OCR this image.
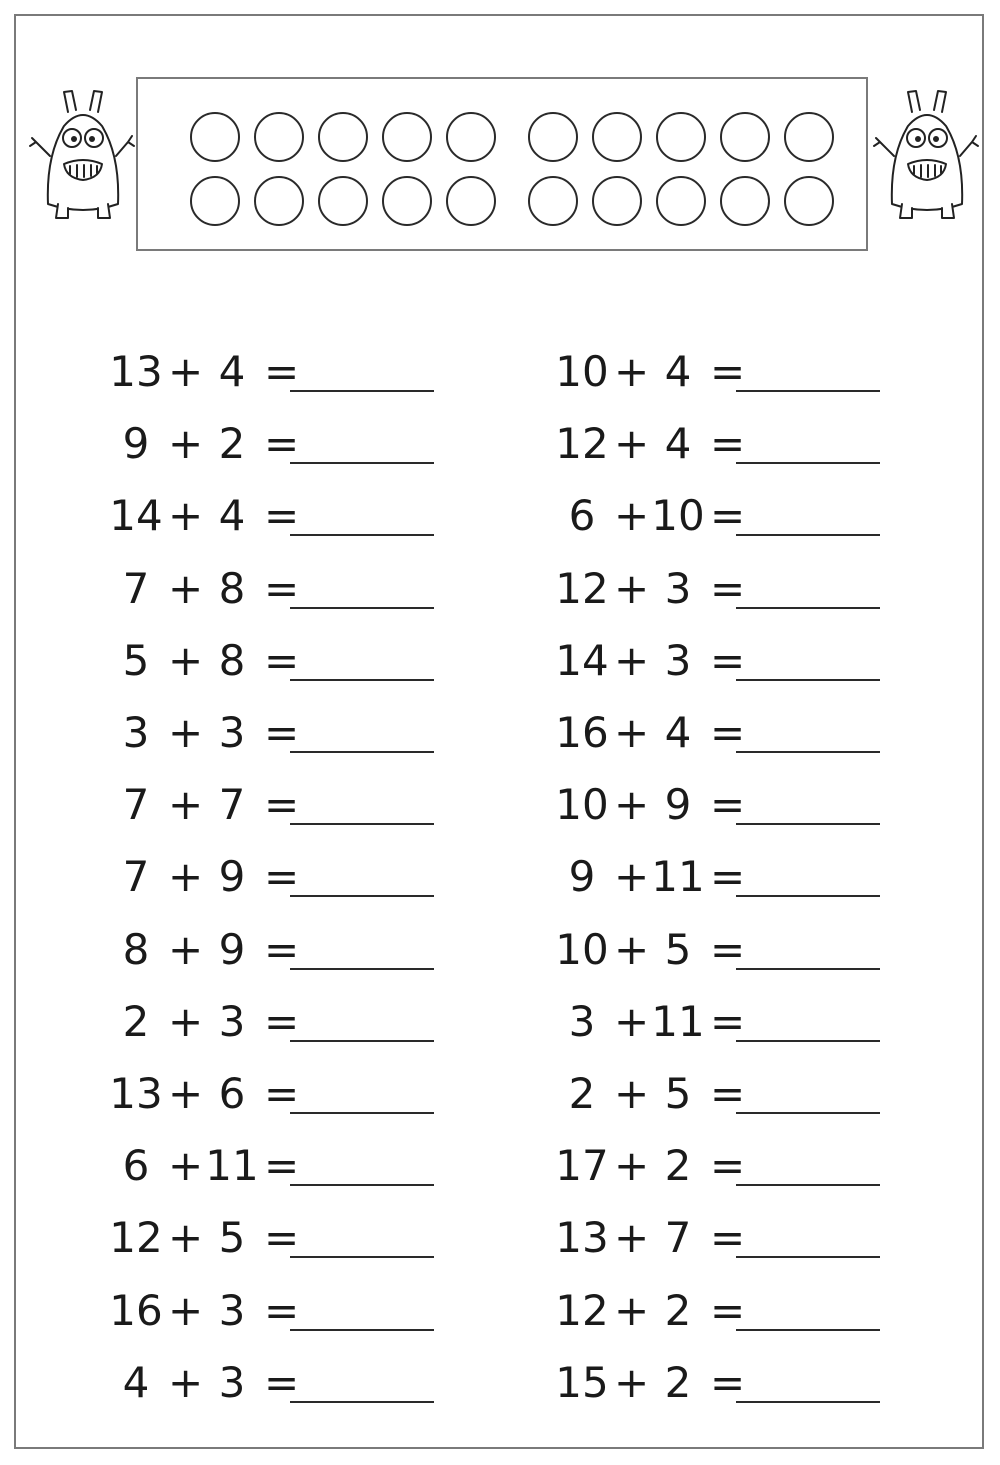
13 + 4 =
9 + 2 =
14 + 4 =
7 + 8 =
5 + 8 =
3 + 3 =
7 + 7 =
7 + 9 =
8 + 9 =
2 + 3 =
13 + 6 =
6 + 11 =
12 + 5 =
16 + 3 =
4 + 3 =
10 + 4 =
12 + 4 =
6 + 10 =
12 + 3 =
14 + 3 =
16 + 4 =
10 + 9 =
9 + 11 =
10 + 5 =
3 + 11 =
2 + 5 =
17 + 2 =
13 + 7 =
12 + 2 =
15 + 2 =
